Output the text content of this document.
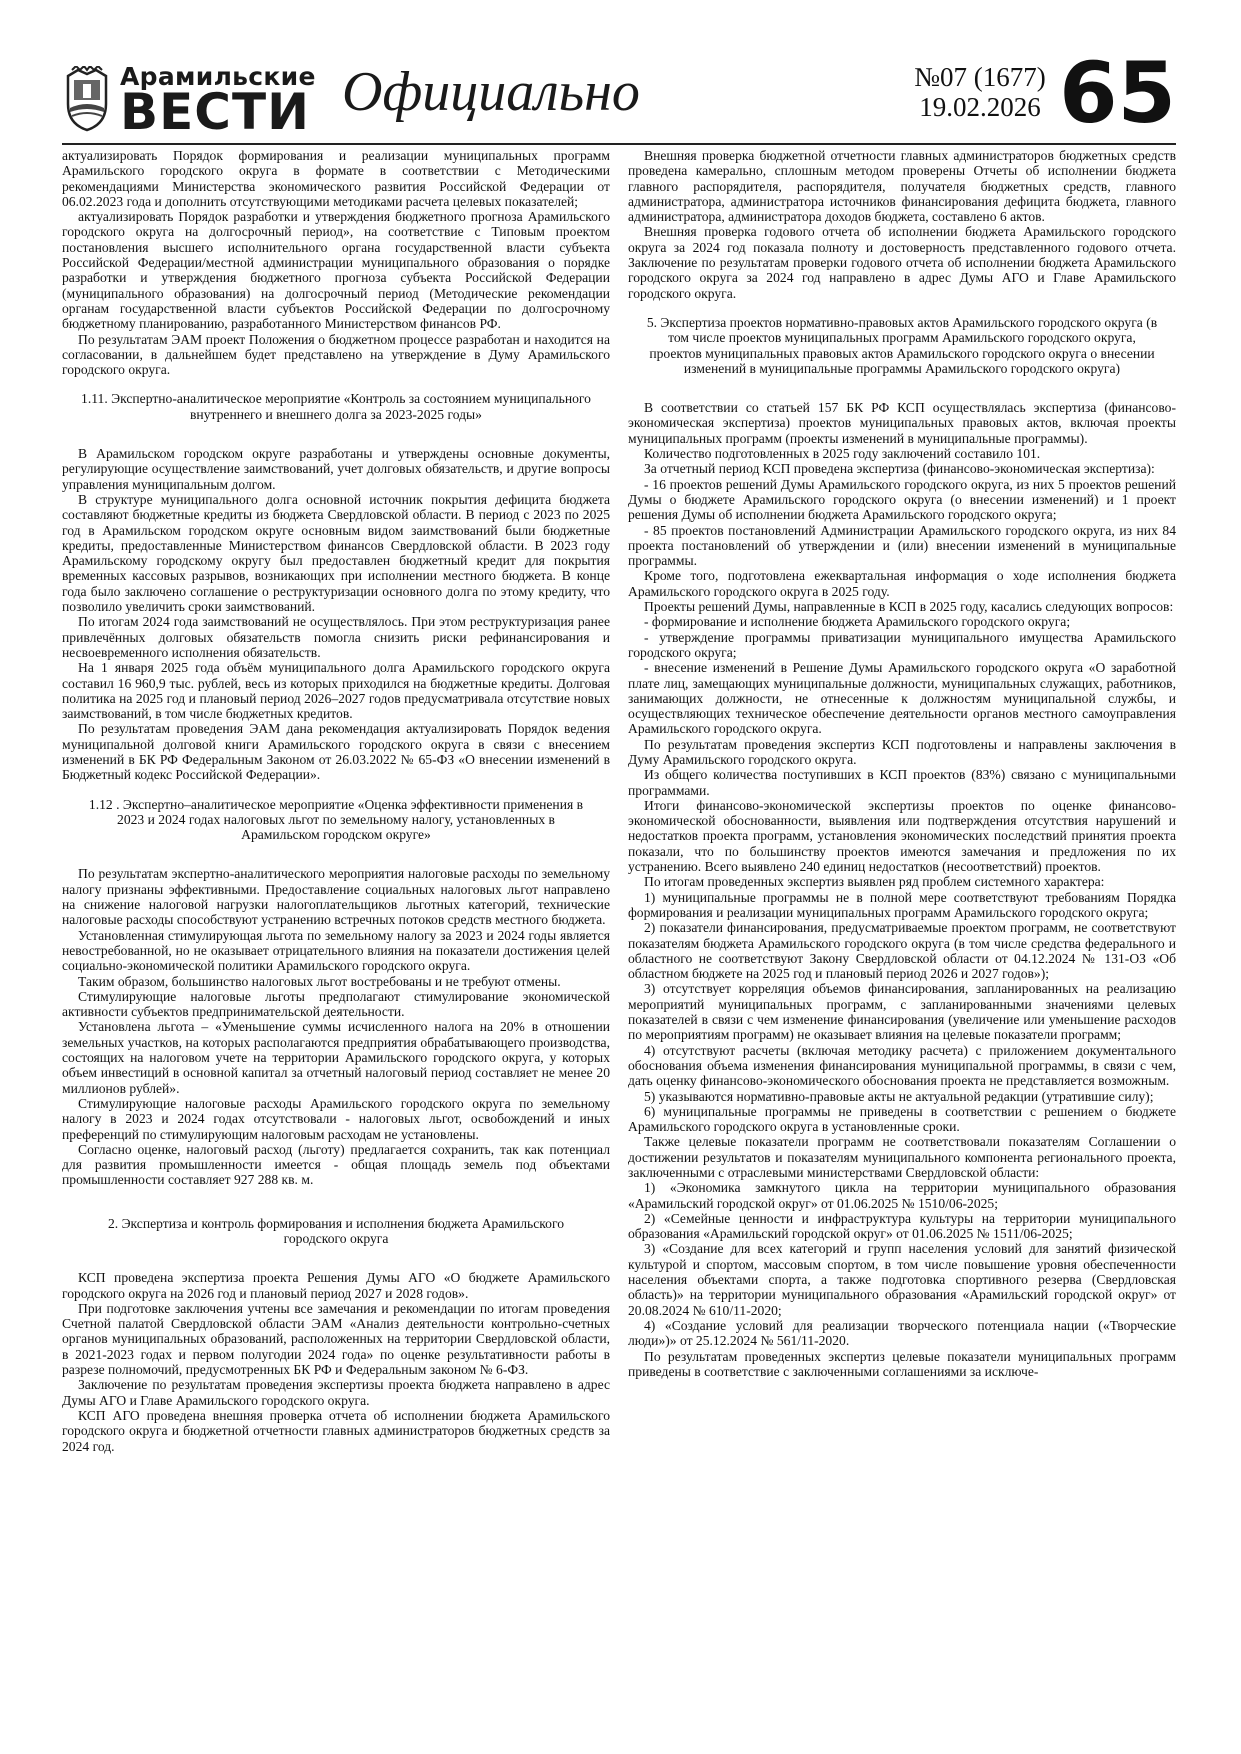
Арамильские
ВЕСТИ Официально	№07 (1677)
19.02.2026 65

актуализировать Порядок формирования и реализации муниципальных программ Арамильского городского округа в формате в соответствии с Методическими рекомендациями Министерства экономического развития Российской Федерации от 06.02.2023 года и дополнить отсутствующими методиками расчета целевых показателей;

актуализировать Порядок разработки и утверждения бюджетного прогноза Арамильского городского округа на долгосрочный период», на соответствие с Типовым проектом постановления высшего исполнительного органа государственной власти субъекта Российской Федерации/местной администрации муниципального образования о порядке разработки и утверждения бюджетного прогноза субъекта Российской Федерации (муниципального образования) на долгосрочный период (Методические рекомендации органам государственной власти субъектов Российской Федерации по долгосрочному бюджетному планированию, разработанного Министерством финансов РФ.

По результатам ЭАМ проект Положения о бюджетном процессе разработан и находится на согласовании, в дальнейшем будет представлено на утверждение в Думу Арамильского городского округа.

1.11. Экспертно-аналитическое мероприятие «Контроль за состоянием муниципального внутреннего и внешнего долга за 2023-2025 годы»

В Арамильском городском округе разработаны и утверждены основные документы, регулирующие осуществление заимствований, учет долговых обязательств, и другие вопросы управления муниципальным долгом.

В структуре муниципального долга основной источник покрытия дефицита бюджета составляют бюджетные кредиты из бюджета Свердловской области. В период с 2023 по 2025 год в Арамильском городском округе основным видом заимствований были бюджетные кредиты, предоставленные Министерством финансов Свердловской области. В 2023 году Арамильскому городскому округу был предоставлен бюджетный кредит для покрытия временных кассовых разрывов, возникающих при исполнении местного бюджета. В конце года было заключено соглашение о реструктуризации основного долга по этому кредиту, что позволило увеличить сроки заимствований.

По итогам 2024 года заимствований не осуществлялось. При этом реструктуризация ранее привлечённых долговых обязательств помогла снизить риски рефинансирования и несвоевременного исполнения обязательств.

На 1 января 2025 года объём муниципального долга Арамильского городского округа составил 16 960,9 тыс. рублей, весь из которых приходился на бюджетные кредиты. Долговая политика на 2025 год и плановый период 2026–2027 годов предусматривала отсутствие новых заимствований, в том числе бюджетных кредитов.

По результатам проведения ЭАМ дана рекомендация актуализировать Порядок ведения муниципальной долговой книги Арамильского городского округа в связи с внесением изменений в БК РФ Федеральным Законом от 26.03.2022 № 65-ФЗ «О внесении изменений в Бюджетный кодекс Российской Федерации».

1.12 . Экспертно–аналитическое мероприятие «Оценка эффективности применения в 2023 и 2024 годах налоговых льгот по земельному налогу, установленных в Арамильском городском округе»

По результатам экспертно-аналитического мероприятия налоговые расходы по земельному налогу признаны эффективными. Предоставление социальных налоговых льгот направлено на снижение налоговой нагрузки налогоплательщиков льготных категорий, технические налоговые расходы способствуют устранению встречных потоков средств местного бюджета.

Установленная стимулирующая льгота по земельному налогу за 2023 и 2024 годы является невостребованной, но не оказывает отрицательного влияния на показатели достижения целей социально-экономической политики Арамильского городского округа.

Таким образом, большинство налоговых льгот востребованы и не требуют отмены.

Стимулирующие налоговые льготы предполагают стимулирование экономической активности субъектов предпринимательской деятельности.

Установлена льгота – «Уменьшение суммы исчисленного налога на 20% в отношении земельных участков, на которых располагаются предприятия обрабатывающего производства, состоящих на налоговом учете на территории Арамильского городского округа, у которых объем инвестиций в основной капитал за отчетный налоговый период составляет не менее 20 миллионов рублей».

Стимулирующие налоговые расходы Арамильского городского округа по земельному налогу в 2023 и 2024 годах отсутствовали - налоговых льгот, освобождений и иных преференций по стимулирующим налоговым расходам не установлены.

Согласно оценке, налоговый расход (льготу) предлагается сохранить, так как потенциал для развития промышленности имеется - общая площадь земель под объектами промышленности составляет 927 288 кв. м.

2. Экспертиза и контроль формирования и исполнения бюджета Арамильского городского округа

КСП проведена экспертиза проекта Решения Думы АГО «О бюджете Арамильского городского округа на 2026 год и плановый период 2027 и 2028 годов».

При подготовке заключения учтены все замечания и рекомендации по итогам проведения Счетной палатой Свердловской области ЭАМ «Анализ деятельности контрольно-счетных органов муниципальных образований, расположенных на территории Свердловской области, в 2021-2023 годах и первом полугодии 2024 года» по оценке результативности работы в разрезе полномочий, предусмотренных БК РФ и Федеральным законом № 6-ФЗ.

Заключение по результатам проведения экспертизы проекта бюджета направлено в адрес Думы АГО и Главе Арамильского городского округа.

КСП АГО проведена внешняя проверка отчета об исполнении бюджета Арамильского городского округа и бюджетной отчетности главных администраторов бюджетных средств за 2024 год.

Внешняя проверка бюджетной отчетности главных администраторов бюджетных средств проведена камерально, сплошным методом проверены Отчеты об исполнении бюджета главного распорядителя, распорядителя, получателя бюджетных средств, главного администратора, администратора источников финансирования дефицита бюджета, главного администратора, администратора доходов бюджета, составлено 6 актов.

Внешняя проверка годового отчета об исполнении бюджета Арамильского городского округа за 2024 год показала полноту и достоверность представленного годового отчета. Заключение по результатам проверки годового отчета об исполнении бюджета Арамильского городского округа за 2024 год направлено в адрес Думы АГО и Главе Арамильского городского округа.

5. Экспертиза проектов нормативно-правовых актов Арамильского городского округа (в том числе проектов муниципальных программ Арамильского городского округа, проектов муниципальных правовых актов Арамильского городского округа о внесении изменений в муниципальные программы Арамильского городского округа)

В соответствии со статьей 157 БК РФ КСП осуществлялась экспертиза (финансово-экономическая экспертиза) проектов муниципальных правовых актов, включая проекты муниципальных программ (проекты изменений в муниципальные программы).

Количество подготовленных в 2025 году заключений составило 101.

За отчетный период КСП проведена экспертиза (финансово-экономическая экспертиза):

- 16 проектов решений Думы Арамильского городского округа, из них 5 проектов решений Думы о бюджете Арамильского городского округа (о внесении изменений) и 1 проект решения Думы об исполнении бюджета Арамильского городского округа;

- 85 проектов постановлений Администрации Арамильского городского округа, из них 84 проекта постановлений об утверждении и (или) внесении изменений в муниципальные программы.

Кроме того, подготовлена ежеквартальная информация о ходе исполнения бюджета Арамильского городского округа в 2025 году.

Проекты решений Думы, направленные в КСП в 2025 году, касались следующих вопросов:

- формирование и исполнение бюджета Арамильского городского округа;

- утверждение программы приватизации муниципального имущества Арамильского городского округа;

- внесение изменений в Решение Думы Арамильского городского округа «О заработной плате лиц, замещающих муниципальные должности, муниципальных служащих, работников, занимающих должности, не отнесенные к должностям муниципальной службы, и осуществляющих техническое обеспечение деятельности органов местного самоуправления Арамильского городского округа.

По результатам проведения экспертиз КСП подготовлены и направлены заключения в Думу Арамильского городского округа.

Из общего количества поступивших в КСП проектов (83%) связано с муниципальными программами.

Итоги финансово-экономической экспертизы проектов по оценке финансово-экономической обоснованности, выявления или подтверждения отсутствия нарушений и недостатков проекта программ, установления экономических последствий принятия проекта показали, что по большинству проектов имеются замечания и предложения по их устранению. Всего выявлено 240 единиц недостатков (несоответствий) проектов.

По итогам проведенных экспертиз выявлен ряд проблем системного характера:

1) муниципальные программы не в полной мере соответствуют требованиям Порядка формирования и реализации муниципальных программ Арамильского городского округа;

2) показатели финансирования, предусматриваемые проектом программ, не соответствуют показателям бюджета Арамильского городского округа (в том числе средства федерального и областного не соответствуют Закону Свердловской области от 04.12.2024 № 131-ОЗ «Об областном бюджете на 2025 год и плановый период 2026 и 2027 годов»);

3) отсутствует корреляция объемов финансирования, запланированных на реализацию мероприятий муниципальных программ, с запланированными значениями целевых показателей в связи с чем изменение финансирования (увеличение или уменьшение расходов по мероприятиям программ) не оказывает влияния на целевые показатели программ;

4) отсутствуют расчеты (включая методику расчета) с приложением документального обоснования объема изменения финансирования муниципальной программы, в связи с чем, дать оценку финансово-экономического обоснования проекта не представляется возможным.

5) указываются нормативно-правовые акты не актуальной редакции (утратившие силу);

6) муниципальные программы не приведены в соответствии с решением о бюджете Арамильского городского округа в установленные сроки.

Также целевые показатели программ не соответствовали показателям Соглашении о достижении результатов и показателям муниципального компонента регионального проекта, заключенными с отраслевыми министерствами Свердловской области:

1) «Экономика замкнутого цикла на территории муниципального образования «Арамильский городской округ» от 01.06.2025 № 1510/06-2025;

2) «Семейные ценности и инфраструктура культуры на территории муниципального образования «Арамильский городской округ» от 01.06.2025 № 1511/06-2025;

3) «Создание для всех категорий и групп населения условий для занятий физической культурой и спортом, массовым спортом, в том числе повышение уровня обеспеченности населения объектами спорта, а также подготовка спортивного резерва (Свердловская область)» на территории муниципального образования «Арамильский городской округ» от 20.08.2024 № 610/11-2020;

4) «Создание условий для реализации творческого потенциала нации («Творческие люди»)» от 25.12.2024 № 561/11-2020.

По результатам проведенных экспертиз целевые показатели муниципальных программ приведены в соответствие с заключенными соглашениями за исключе-
